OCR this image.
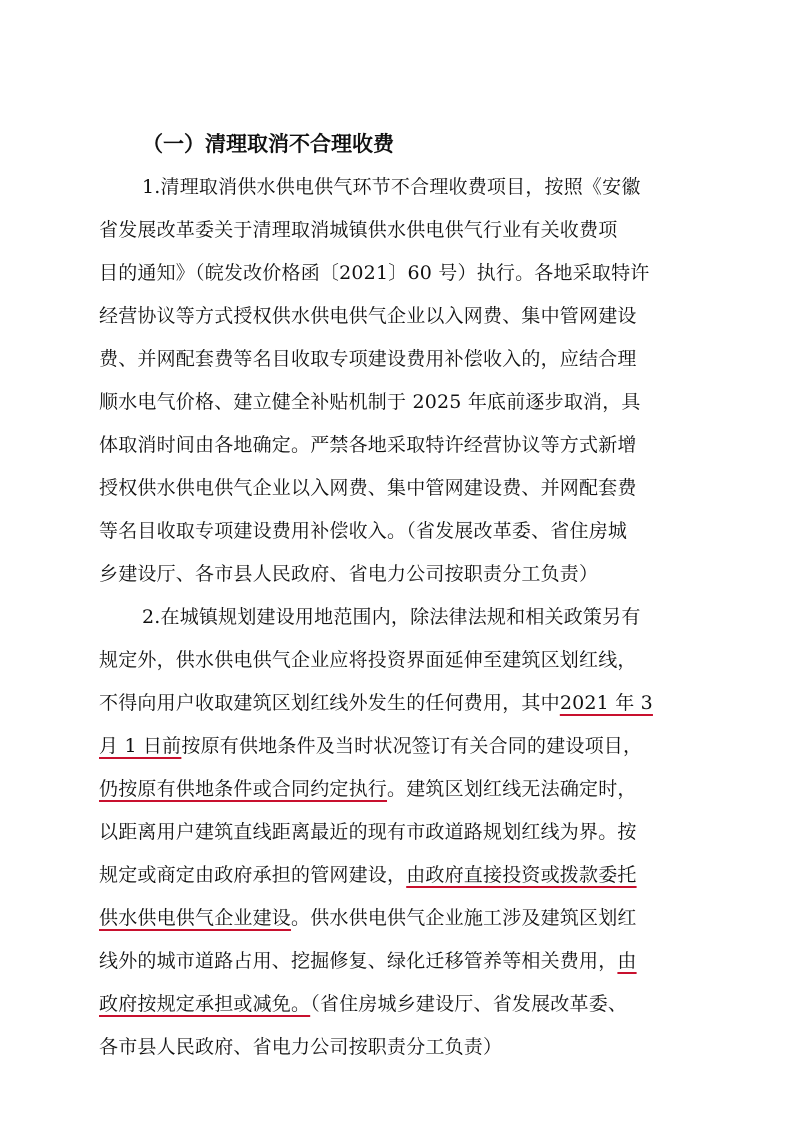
（一）清理取消不合理收费
1.清理取消供水供电供气环节不合理收费项目，按照《安徽
省发展改革委关于清理取消城镇供水供电供气行业有关收费项
目的通知》（皖发改价格函〔2021〕60 号）执行。各地采取特许
经营协议等方式授权供水供电供气企业以入网费、集中管网建设
费、并网配套费等名目收取专项建设费用补偿收入的，应结合理
顺水电气价格、建立健全补贴机制于 2025 年底前逐步取消，具
体取消时间由各地确定。严禁各地采取特许经营协议等方式新增
授权供水供电供气企业以入网费、集中管网建设费、并网配套费
等名目收取专项建设费用补偿收入。（省发展改革委、省住房城
乡建设厅、各市县人民政府、省电力公司按职责分工负责）
2.在城镇规划建设用地范围内，除法律法规和相关政策另有
规定外，供水供电供气企业应将投资界面延伸至建筑区划红线，
不得向用户收取建筑区划红线外发生的任何费用，其中2021 年 3
月 1 日前按原有供地条件及当时状况签订有关合同的建设项目，
仍按原有供地条件或合同约定执行。建筑区划红线无法确定时，
以距离用户建筑直线距离最近的现有市政道路规划红线为界。按
规定或商定由政府承担的管网建设，由政府直接投资或拨款委托
供水供电供气企业建设。供水供电供气企业施工涉及建筑区划红
线外的城市道路占用、挖掘修复、绿化迁移管养等相关费用，由
政府按规定承担或减免。（省住房城乡建设厅、省发展改革委、
各市县人民政府、省电力公司按职责分工负责）
